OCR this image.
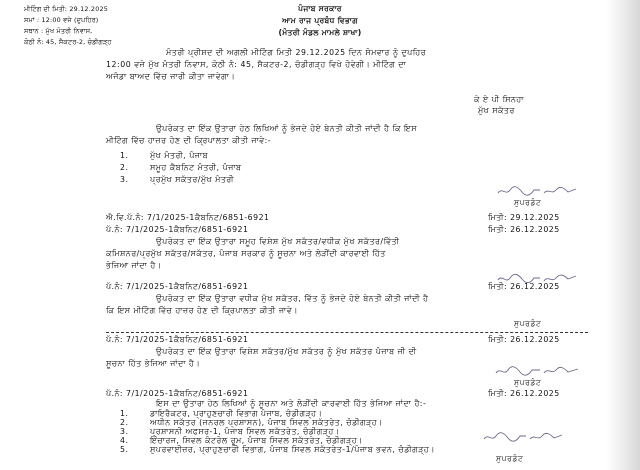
ਮੀਟਿੰਗ ਦੀ ਮਿਤੀ: 29.12.2025
ਸਮਾਂ : 12:00 ਵਜੇ (ਦੁਪਹਿਰ)
ਸਥਾਨ : ਮੁੱਖ ਮੰਤਰੀ ਨਿਵਾਸ,
ਕੋਠੀ ਨੰ: 45, ਸੈਕਟਰ-2, ਚੰਡੀਗੜ੍ਹ
ਪੰਜਾਬ ਸਰਕਾਰ
ਆਮ ਰਾਜ ਪ੍ਰਬੰਧ ਵਿਭਾਗ
(ਮੰਤਰੀ ਮੰਡਲ ਮਾਮਲੇ ਸ਼ਾਖਾ)
ਮੰਤਰੀ ਪ੍ਰੀਸ਼ਦ ਦੀ ਅਗਲੀ ਮੀਟਿੰਗ ਮਿਤੀ 29.12.2025 ਦਿਨ ਸੋਮਵਾਰ ਨੂੰ ਦੁਪਹਿਰ
12:00 ਵਜੇ ਮੁੱਖ ਮੰਤਰੀ ਨਿਵਾਸ, ਕੋਠੀ ਨੰ: 45, ਸੈਕਟਰ-2, ਚੰਡੀਗੜ੍ਹ ਵਿਖੇ ਹੋਵੇਗੀ। ਮੀਟਿੰਗ ਦਾ
ਅਜੰਡਾ ਬਾਅਦ ਵਿੱਚ ਜਾਰੀ ਕੀਤਾ ਜਾਵੇਗਾ।
ਕੇ ਏ ਪੀ ਸਿਨਹਾ
ਮੁੱਖ ਸਕੱਤਰ
ਉਪਰੋਕਤ ਦਾ ਇੱਕ ਉਤਾਰਾ ਹੇਠ ਲਿਖਿਆਂ ਨੂੰ ਭੇਜਦੇ ਹੋਏ ਬੇਨਤੀ ਕੀਤੀ ਜਾਂਦੀ ਹੈ ਕਿ ਇਸ
ਮੀਟਿੰਗ ਵਿੱਚ ਹਾਜ਼ਰ ਹੋਣ ਦੀ ਕ੍ਰਿਪਾਲਤਾ ਕੀਤੀ ਜਾਵੇ:-
1.	ਮੁੱਖ ਮੰਤਰੀ, ਪੰਜਾਬ
2.	ਸਮੂਹ ਕੈਬਨਿਟ ਮੰਤਰੀ, ਪੰਜਾਬ
3.	ਪ੍ਰਮੁੱਖ ਸਕੱਤਰ/ਮੁੱਖ ਮੰਤਰੀ
ਸੁਪਰਡੰਟ
ਐ.ਵਿ.ਪੱ.ਨੰ: 7/1/2025-1ਕੈਬਨਿਟ/6851-6921	ਮਿਤੀ: 29.12.2025
ਪੱ.ਨੰ: 7/1/2025-1ਕੈਬਨਿਟ/6851-6921	ਮਿਤੀ: 26.12.2025
ਉਪਰੋਕਤ ਦਾ ਇੱਕ ਉਤਾਰਾ ਸਮੂਹ ਵਿਸ਼ੇਸ਼ ਮੁੱਖ ਸਕੱਤਰ/ਵਧੀਕ ਮੁੱਖ ਸਕੱਤਰ/ਵਿੱਤੀ
ਕਮਿਸ਼ਨਰ/ਪ੍ਰਮੁੱਖ ਸਕੱਤਰ/ਸਕੱਤਰ, ਪੰਜਾਬ ਸਰਕਾਰ ਨੂੰ ਸੂਚਨਾ ਅਤੇ ਲੋੜੀਂਦੀ ਕਾਰਵਾਈ ਹਿੱਤ
ਭੇਜਿਆ ਜਾਂਦਾ ਹੈ।
ਪੱ.ਨੰ: 7/1/2025-1ਕੈਬਨਿਟ/6851-6921	ਮਿਤੀ: 26.12.2025
ਉਪਰੋਕਤ ਦਾ ਇੱਕ ਉਤਾਰਾ ਵਧੀਕ ਮੁੱਖ ਸਕੱਤਰ, ਵਿੱਤ ਨੂੰ ਭੇਜਦੇ ਹੋਏ ਬੇਨਤੀ ਕੀਤੀ ਜਾਂਦੀ ਹੈ
ਕਿ ਇਸ ਮੀਟਿੰਗ ਵਿੱਚ ਹਾਜ਼ਰ ਹੋਣ ਦੀ ਕ੍ਰਿਪਾਲਤਾ ਕੀਤੀ ਜਾਵੇ।
ਸੁਪਰਡੰਟ
ਪੱ.ਨੰ: 7/1/2025-1ਕੈਬਨਿਟ/6851-6921	ਮਿਤੀ: 26.12.2025
ਉਪਰੋਕਤ ਦਾ ਇੱਕ ਉਤਾਰਾ ਵਿਸ਼ੇਸ਼ ਸਕੱਤਰ/ਮੁੱਖ ਸਕੱਤਰ ਨੂੰ ਮੁੱਖ ਸਕੱਤਰ ਪੰਜਾਬ ਜੀ ਦੀ
ਸੂਚਨਾ ਹਿੱਤ ਭੇਜਿਆ ਜਾਂਦਾ ਹੈ।
ਸੁਪਰਡੰਟ
ਪੱ.ਨੰ: 7/1/2025-1ਕੈਬਨਿਟ/6851-6921	ਮਿਤੀ: 26.12.2025
ਇਸ ਦਾ ਉਤਾਰਾ ਹੇਠ ਲਿਖਿਆਂ ਨੂੰ ਸੂਚਨਾ ਅਤੇ ਲੋੜੀਂਦੀ ਕਾਰਵਾਈ ਹਿੱਤ ਭੇਜਿਆ ਜਾਂਦਾ ਹੈ:-
1.	ਡਾਇਰੈਕਟਰ, ਪ੍ਰਾਹੁਣਚਾਰੀ ਵਿਭਾਗ ਪੰਜਾਬ, ਚੰਡੀਗੜ੍ਹ।
2.	ਅਧੀਨ ਸਕੱਤਰ (ਜਨਰਲ ਪ੍ਰਸ਼ਾਸਨ), ਪੰਜਾਬ ਸਿਵਲ ਸਕੱਤਰੇਤ, ਚੰਡੀਗੜ੍ਹ।
3.	ਪ੍ਰਸ਼ਾਸਨੀ ਅਫਸਰ-1, ਪੰਜਾਬ ਸਿਵਲ ਸਕੱਤਰੇਤ, ਚੰਡੀਗੜ੍ਹ।
4.	ਇੰਚਾਰਜ, ਸਿਵਲ ਕੰਟਰੋਲ ਰੂਮ, ਪੰਜਾਬ ਸਿਵਲ ਸਕੱਤਰੇਤ, ਚੰਡੀਗੜ੍ਹ।
5.	ਸੁਪਰਵਾਈਜ਼ਰ, ਪ੍ਰਾਹੁਣਚਾਰੀ ਵਿਭਾਗ, ਪੰਜਾਬ ਸਿਵਲ ਸਕੱਤਰੇਤ-1/ਪੰਜਾਬ ਭਵਨ, ਚੰਡੀਗੜ੍ਹ।
ਸੁਪਰਡੰਟ
